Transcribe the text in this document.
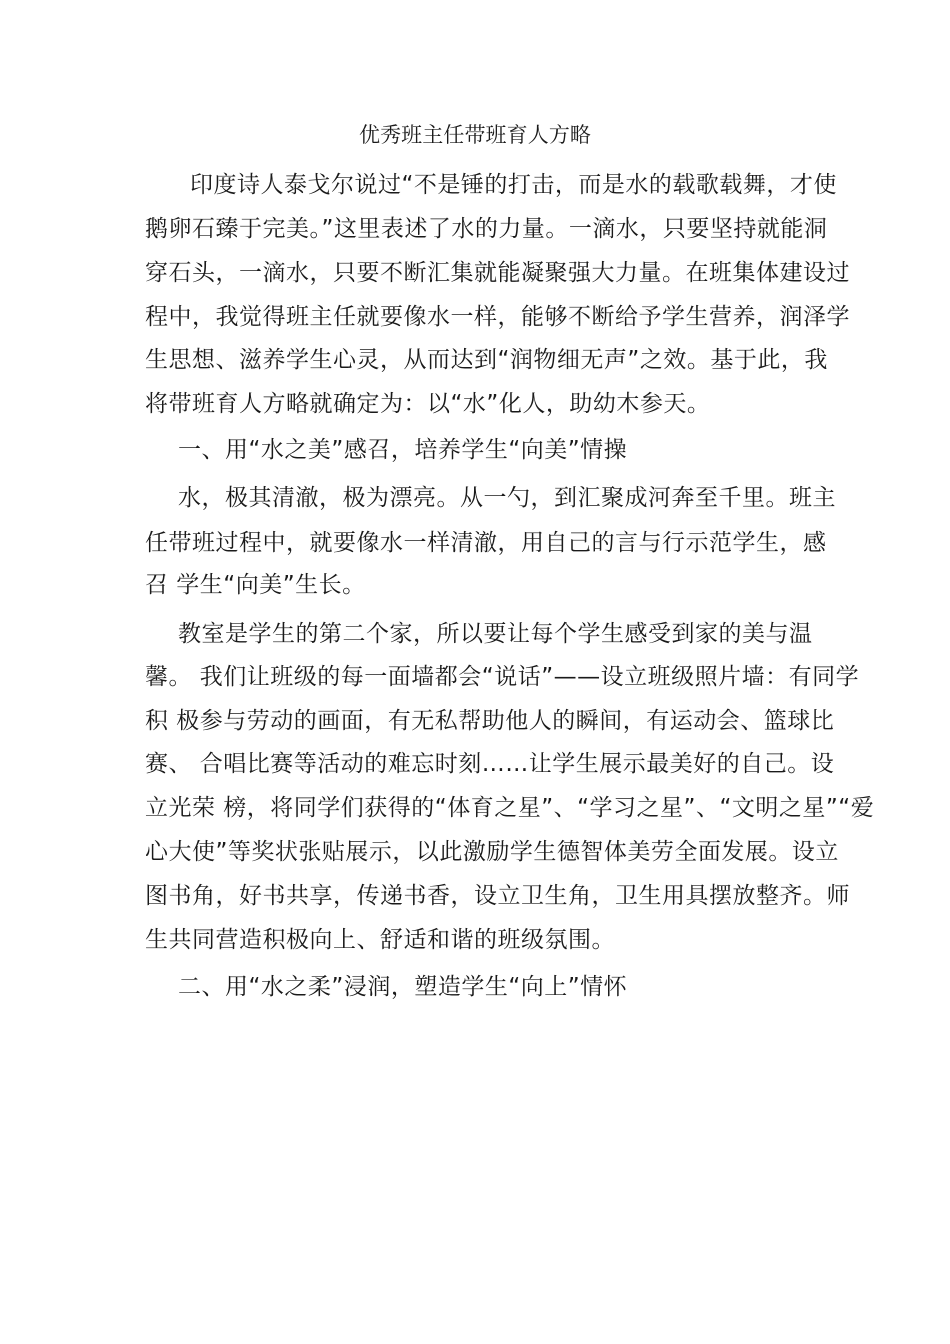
优秀班主任带班育人方略
印度诗人泰戈尔说过“不是锤的打击，而是水的载歌载舞，才使
鹅卵石臻于完美。”这里表述了水的力量。一滴水，只要坚持就能洞
穿石头，一滴水，只要不断汇集就能凝聚强大力量。在班集体建设过
程中，我觉得班主任就要像水一样，能够不断给予学生营养，润泽学
生思想、滋养学生心灵，从而达到“润物细无声”之效。基于此，我
将带班育人方略就确定为：以“水”化人，助幼木参天。
一、用“水之美”感召，培养学生“向美”情操
水，极其清澈，极为漂亮。从一勺，到汇聚成河奔至千里。班主
任带班过程中，就要像水一样清澈，用自己的言与行示范学生，感
召 学生“向美”生长。
教室是学生的第二个家，所以要让每个学生感受到家的美与温
馨。 我们让班级的每一面墙都会“说话”——设立班级照片墙：有同学
积 极参与劳动的画面，有无私帮助他人的瞬间，有运动会、篮球比
赛、 合唱比赛等活动的难忘时刻……让学生展示最美好的自己。设
立光荣 榜，将同学们获得的“体育之星”、“学习之星”、“文明之星”“爱
心大使”等奖状张贴展示，以此激励学生德智体美劳全面发展。设立
图书角，好书共享，传递书香，设立卫生角，卫生用具摆放整齐。师
生共同营造积极向上、舒适和谐的班级氛围。
二、用“水之柔”浸润，塑造学生“向上”情怀
